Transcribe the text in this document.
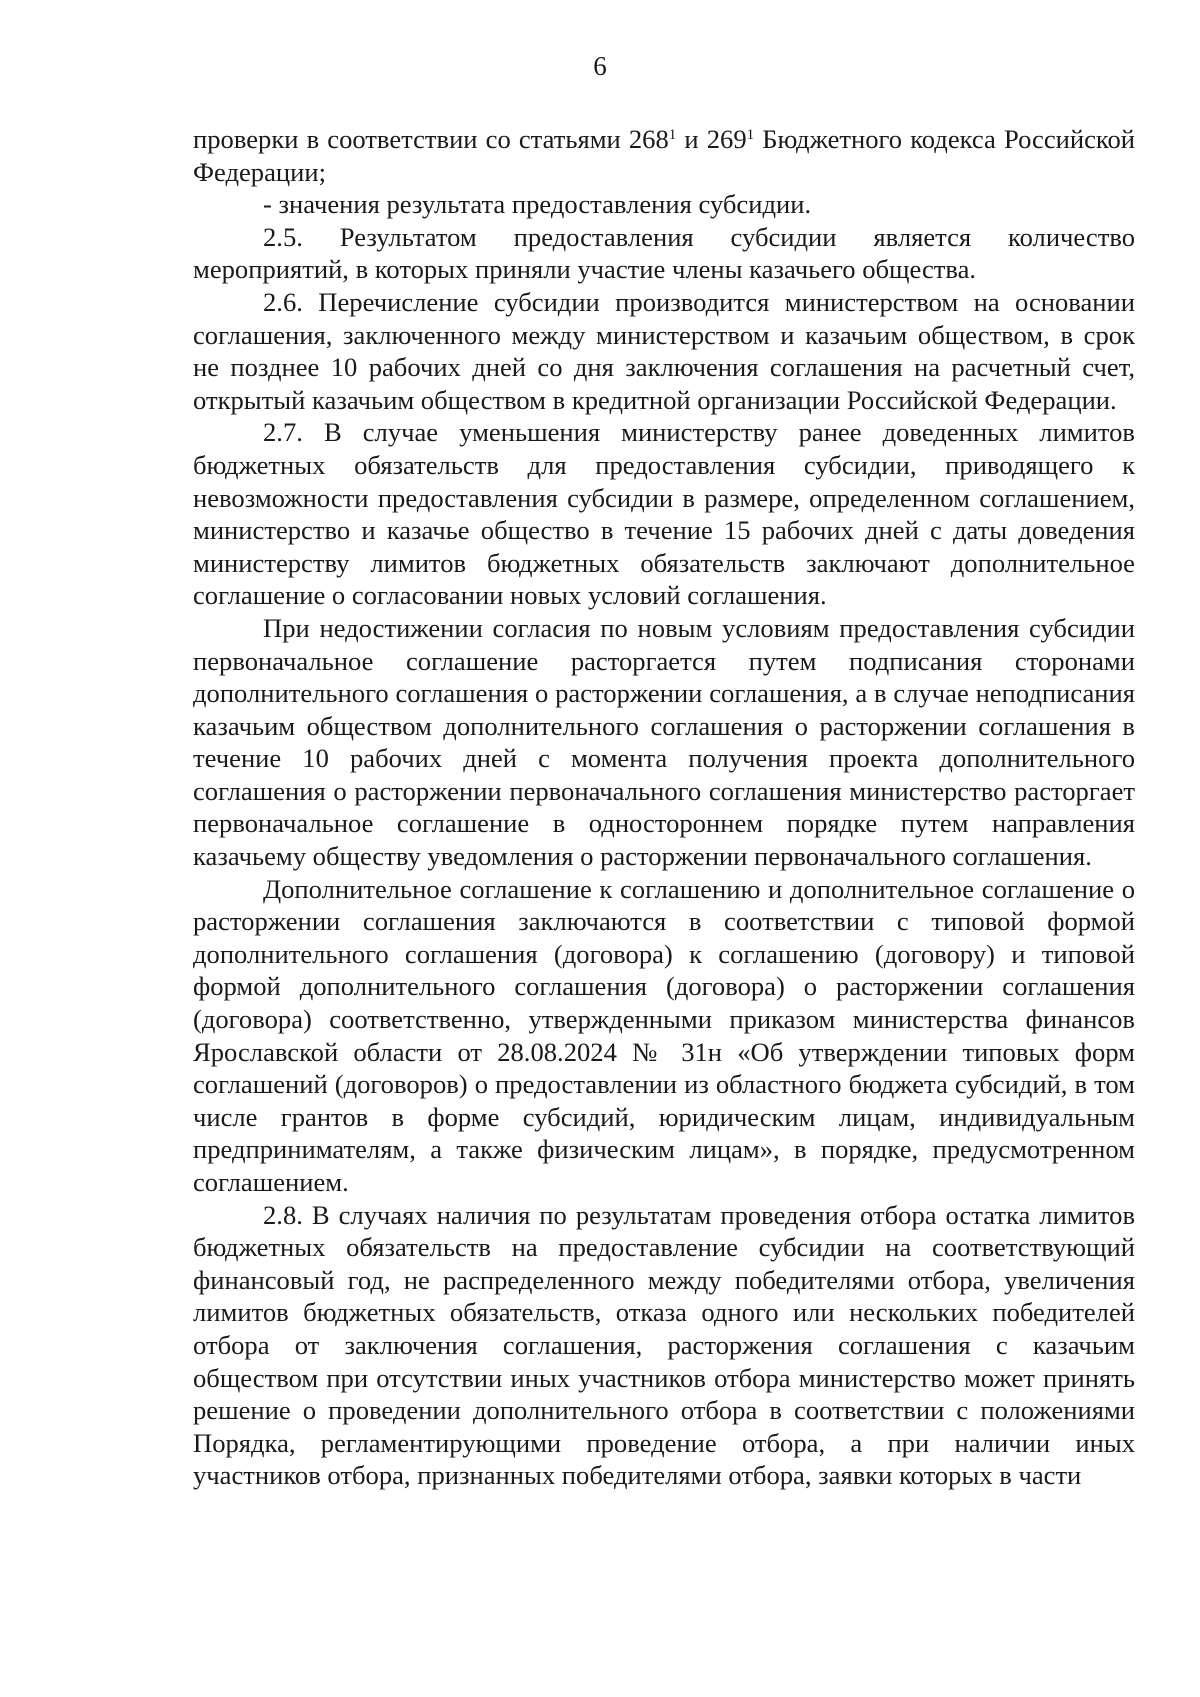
6

проверки в соответствии со статьями $268^1$ и $269^1$ Бюджетного кодекса Российской Федерации;

- значения результата предоставления субсидии.

2.5. Результатом предоставления субсидии является количество мероприятий, в которых приняли участие члены казачьего общества.

2.6. Перечисление субсидии производится министерством на основании соглашения, заключенного между министерством и казачьим обществом, в срок не позднее 10 рабочих дней со дня заключения соглашения на расчетный счет, открытый казачьим обществом в кредитной организации Российской Федерации.

2.7. В случае уменьшения министерству ранее доведенных лимитов бюджетных обязательств для предоставления субсидии, приводящего к невозможности предоставления субсидии в размере, определенном соглашением, министерство и казачье общество в течение 15 рабочих дней с даты доведения министерству лимитов бюджетных обязательств заключают дополнительное соглашение о согласовании новых условий соглашения.

При недостижении согласия по новым условиям предоставления субсидии первоначальное соглашение расторгается путем подписания сторонами дополнительного соглашения о расторжении соглашения, а в случае неподписания казачьим обществом дополнительного соглашения о расторжении соглашения в течение 10 рабочих дней с момента получения проекта дополнительного соглашения о расторжении первоначального соглашения министерство расторгает первоначальное соглашение в одностороннем порядке путем направления казачьему обществу уведомления о расторжении первоначального соглашения.

Дополнительное соглашение к соглашению и дополнительное соглашение о расторжении соглашения заключаются в соответствии с типовой формой дополнительного соглашения (договора) к соглашению (договору) и типовой формой дополнительного соглашения (договора) о расторжении соглашения (договора) соответственно, утвержденными приказом министерства финансов Ярославской области от 28.08.2024 № 31н «Об утверждении типовых форм соглашений (договоров) о предоставлении из областного бюджета субсидий, в том числе грантов в форме субсидий, юридическим лицам, индивидуальным предпринимателям, а также физическим лицам», в порядке, предусмотренном соглашением.

2.8. В случаях наличия по результатам проведения отбора остатка лимитов бюджетных обязательств на предоставление субсидии на соответствующий финансовый год, не распределенного между победителями отбора, увеличения лимитов бюджетных обязательств, отказа одного или нескольких победителей отбора от заключения соглашения, расторжения соглашения с казачьим обществом при отсутствии иных участников отбора министерство может принять решение о проведении дополнительного отбора в соответствии с положениями Порядка, регламентирующими проведение отбора, а при наличии иных участников отбора, признанных победителями отбора, заявки которых в части
